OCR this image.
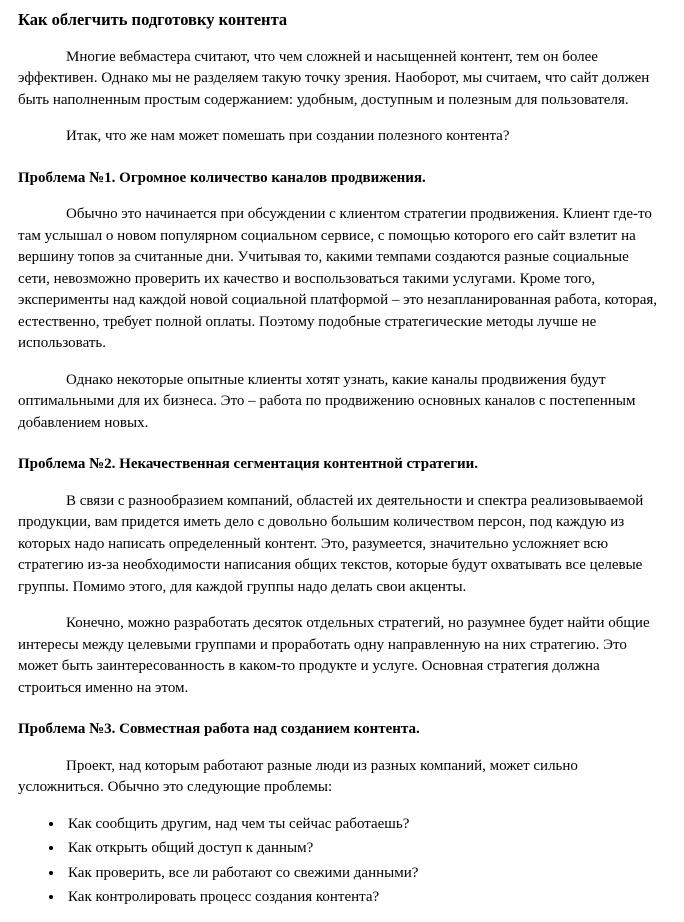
Как облегчить подготовку контента

Многие вебмастера считают, что чем сложней и насыщенней контент, тем он более эффективен. Однако мы не разделяем такую точку зрения. Наоборот, мы считаем, что сайт должен быть наполненным простым содержанием: удобным, доступным и полезным для пользователя.

Итак, что же нам может помешать при создании полезного контента?

Проблема №1. Огромное количество каналов продвижения.

Обычно это начинается при обсуждении с клиентом стратегии продвижения. Клиент где-то там услышал о новом популярном социальном сервисе, с помощью которого его сайт взлетит на вершину топов за считанные дни. Учитывая то, какими темпами создаются разные социальные сети, невозможно проверить их качество и воспользоваться такими услугами. Кроме того, эксперименты над каждой новой социальной платформой – это незапланированная работа, которая, естественно, требует полной оплаты. Поэтому подобные стратегические методы лучше не использовать.

Однако некоторые опытные клиенты хотят узнать, какие каналы продвижения будут оптимальными для их бизнеса. Это – работа по продвижению основных каналов с постепенным добавлением новых.

Проблема №2. Некачественная сегментация контентной стратегии.

В связи с разнообразием компаний, областей их деятельности и спектра реализовываемой продукции, вам придется иметь дело с довольно большим количеством персон, под каждую из которых надо написать определенный контент. Это, разумеется, значительно усложняет всю стратегию из-за необходимости написания общих текстов, которые будут охватывать все целевые группы. Помимо этого, для каждой группы надо делать свои акценты.

Конечно, можно разработать десяток отдельных стратегий, но разумнее будет найти общие интересы между целевыми группами и проработать одну направленную на них стратегию. Это может быть заинтересованность в каком-то продукте и услуге. Основная стратегия должна строиться именно на этом.

Проблема №3. Совместная работа над созданием контента.

Проект, над которым работают разные люди из разных компаний, может сильно усложниться. Обычно это следующие проблемы:

• Как сообщить другим, над чем ты сейчас работаешь?
• Как открыть общий доступ к данным?
• Как проверить, все ли работают со свежими данными?
• Как контролировать процесс создания контента?
